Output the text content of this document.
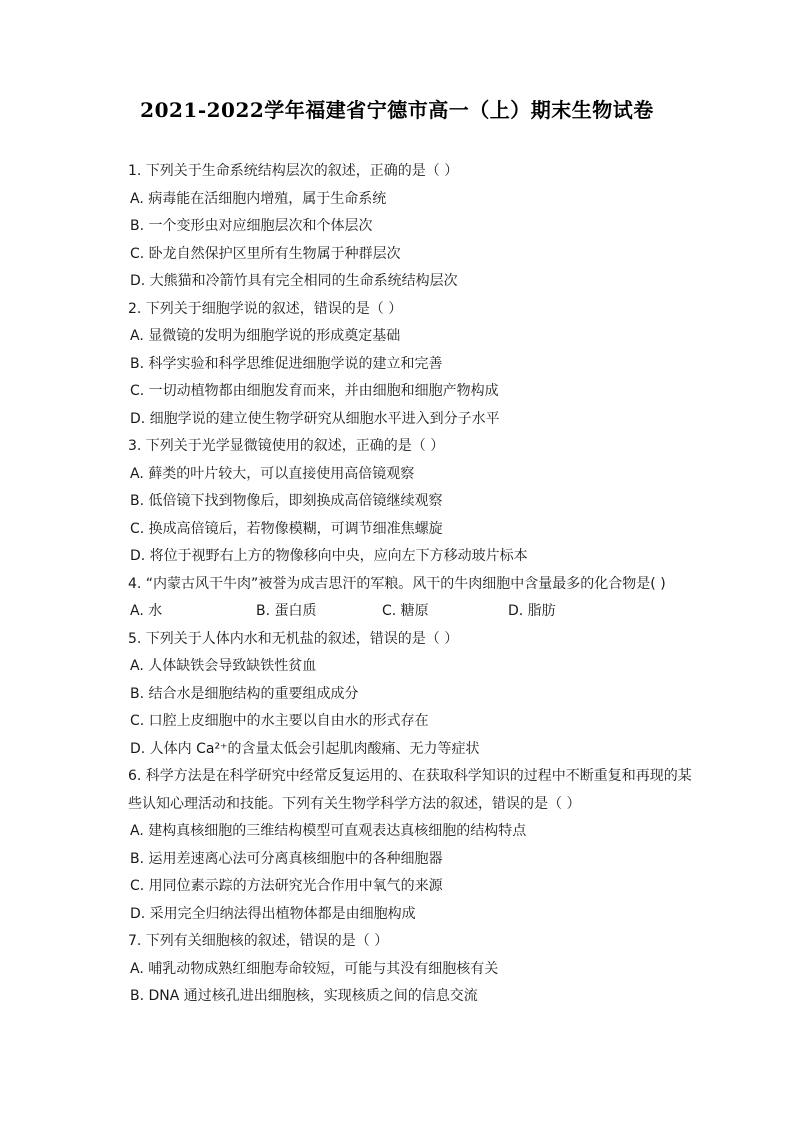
2021-2022学年福建省宁德市高一（上）期末生物试卷
1. 下列关于生命系统结构层次的叙述，正确的是（ ）
A. 病毒能在活细胞内增殖，属于生命系统
B. 一个变形虫对应细胞层次和个体层次
C. 卧龙自然保护区里所有生物属于种群层次
D. 大熊猫和冷箭竹具有完全相同的生命系统结构层次
2. 下列关于细胞学说的叙述，错误的是（ ）
A. 显微镜的发明为细胞学说的形成奠定基础
B. 科学实验和科学思维促进细胞学说的建立和完善
C. 一切动植物都由细胞发育而来，并由细胞和细胞产物构成
D. 细胞学说的建立使生物学研究从细胞水平进入到分子水平
3. 下列关于光学显微镜使用的叙述，正确的是（ ）
A. 藓类的叶片较大，可以直接使用高倍镜观察
B. 低倍镜下找到物像后，即刻换成高倍镜继续观察
C. 换成高倍镜后，若物像模糊，可调节细准焦螺旋
D. 将位于视野右上方的物像移向中央，应向左下方移动玻片标本
4. “内蒙古风干牛肉”被誉为成吉思汗的军粮。风干的牛肉细胞中含量最多的化合物是( )
A. 水	B. 蛋白质	C. 糖原	D. 脂肪
5. 下列关于人体内水和无机盐的叙述，错误的是（ ）
A. 人体缺铁会导致缺铁性贫血
B. 结合水是细胞结构的重要组成成分
C. 口腔上皮细胞中的水主要以自由水的形式存在
D. 人体内 Ca²⁺的含量太低会引起肌肉酸痛、无力等症状
6. 科学方法是在科学研究中经常反复运用的、在获取科学知识的过程中不断重复和再现的某
些认知心理活动和技能。下列有关生物学科学方法的叙述，错误的是（ ）
A. 建构真核细胞的三维结构模型可直观表达真核细胞的结构特点
B. 运用差速离心法可分离真核细胞中的各种细胞器
C. 用同位素示踪的方法研究光合作用中氧气的来源
D. 采用完全归纳法得出植物体都是由细胞构成
7. 下列有关细胞核的叙述，错误的是（ ）
A. 哺乳动物成熟红细胞寿命较短，可能与其没有细胞核有关
B. DNA 通过核孔进出细胞核，实现核质之间的信息交流
